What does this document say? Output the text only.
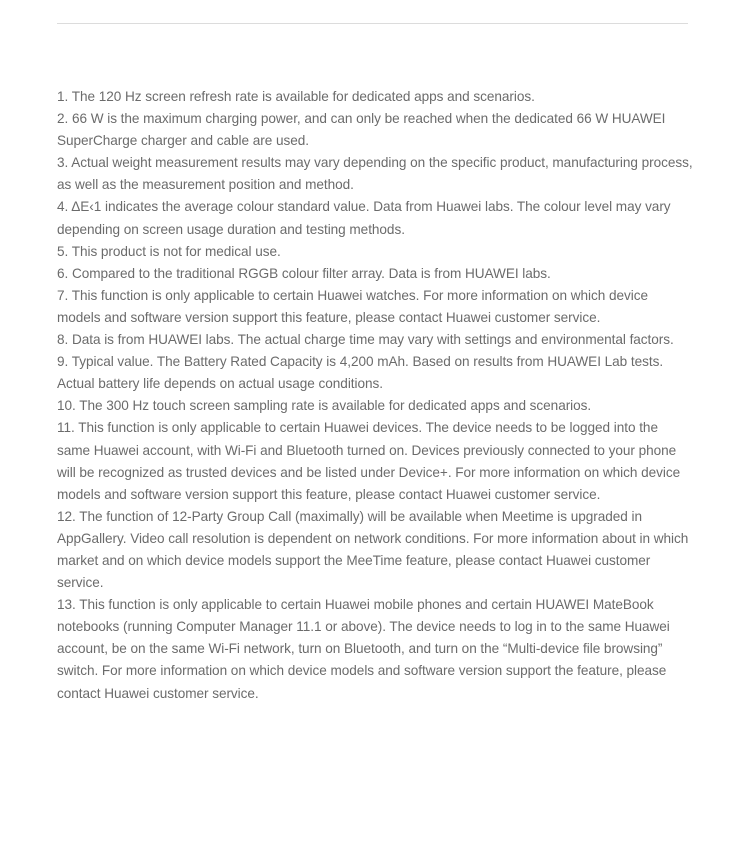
1. The 120 Hz screen refresh rate is available for dedicated apps and scenarios.
2. 66 W is the maximum charging power, and can only be reached when the dedicated 66 W HUAWEI SuperCharge charger and cable are used.
3. Actual weight measurement results may vary depending on the specific product, manufacturing process, as well as the measurement position and method.
4. ΔE‹1 indicates the average colour standard value. Data from Huawei labs. The colour level may vary depending on screen usage duration and testing methods.
5. This product is not for medical use.
6. Compared to the traditional RGGB colour filter array. Data is from HUAWEI labs.
7. This function is only applicable to certain Huawei watches. For more information on which device models and software version support this feature, please contact Huawei customer service.
8. Data is from HUAWEI labs. The actual charge time may vary with settings and environmental factors.
9. Typical value. The Battery Rated Capacity is 4,200 mAh. Based on results from HUAWEI Lab tests. Actual battery life depends on actual usage conditions.
10. The 300 Hz touch screen sampling rate is available for dedicated apps and scenarios.
11. This function is only applicable to certain Huawei devices. The device needs to be logged into the same Huawei account, with Wi-Fi and Bluetooth turned on. Devices previously connected to your phone will be recognized as trusted devices and be listed under Device+. For more information on which device models and software version support this feature, please contact Huawei customer service.
12. The function of 12-Party Group Call (maximally) will be available when Meetime is upgraded in AppGallery. Video call resolution is dependent on network conditions. For more information about in which market and on which device models support the MeeTime feature, please contact Huawei customer service.
13. This function is only applicable to certain Huawei mobile phones and certain HUAWEI MateBook notebooks (running Computer Manager 11.1 or above). The device needs to log in to the same Huawei account, be on the same Wi-Fi network, turn on Bluetooth, and turn on the “Multi-device file browsing” switch. For more information on which device models and software version support the feature, please contact Huawei customer service.
